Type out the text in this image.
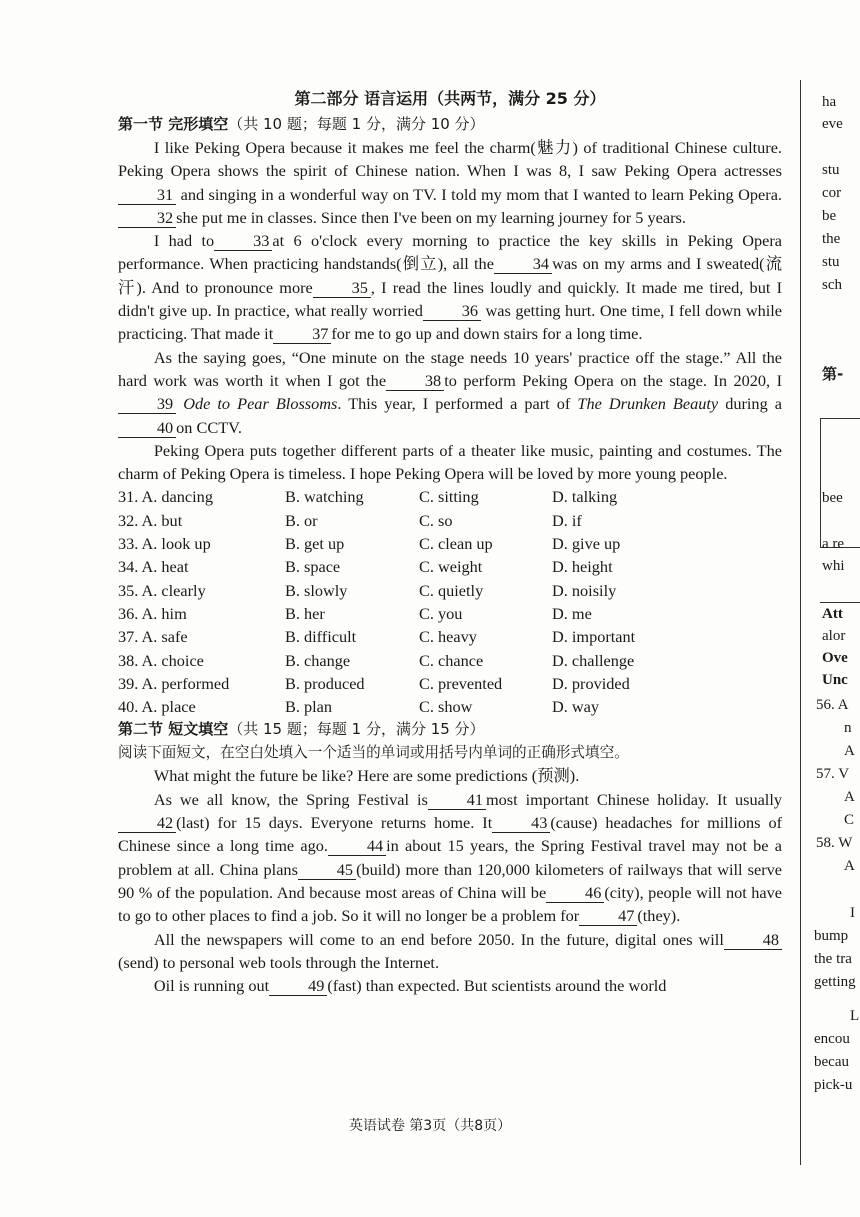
第二部分 语言运用（共两节，满分 25 分）
第一节 完形填空（共 10 题；每题 1 分，满分 10 分）

I like Peking Opera because it makes me feel the charm(魅力) of traditional Chinese culture. Peking Opera shows the spirit of Chinese nation. When I was 8, I saw Peking Opera actresses 31 and singing in a wonderful way on TV. I told my mom that I wanted to learn Peking Opera.32 she put me in classes. Since then I've been on my learning journey for 5 years.

I had to 33 at 6 o'clock every morning to practice the key skills in Peking Opera performance. When practicing handstands(倒立), all the 34 was on my arms and I sweated(流汗). And to pronounce more 35 , I read the lines loudly and quickly. It made me tired, but I didn't give up. In practice, what really worried 36 was getting hurt. One time, I fell down while practicing. That made it 37 for me to go up and down stairs for a long time.

As the saying goes, “One minute on the stage needs 10 years' practice off the stage.” All the hard work was worth it when I got the 38 to perform Peking Opera on the stage. In 2020, I39 Ode to Pear Blossoms. This year, I performed a part of The Drunken Beauty during a40 on CCTV.

Peking Opera puts together different parts of a theater like music, painting and costumes. The charm of Peking Opera is timeless. I hope Peking Opera will be loved by more young people.

31. A. dancing	B. watching	C. sitting	D. talking
32. A. but	B. or	C. so	D. if
33. A. look up	B. get up	C. clean up	D. give up
34. A. heat	B. space	C. weight	D. height
35. A. clearly	B. slowly	C. quietly	D. noisily
36. A. him	B. her	C. you	D. me
37. A. safe	B. difficult	C. heavy	D. important
38. A. choice	B. change	C. chance	D. challenge
39. A. performed	B. produced	C. prevented	D. provided
40. A. place	B. plan	C. show	D. way
第二节 短文填空（共 15 题；每题 1 分，满分 15 分）
阅读下面短文，在空白处填入一个适当的单词或用括号内单词的正确形式填空。

What might the future be like? Here are some predictions (预测).

As we all know, the Spring Festival is 41 most important Chinese holiday. It usually42 (last) for 15 days. Everyone returns home. It 43 (cause) headaches for millions of Chinese since a long time ago. 44 in about 15 years, the Spring Festival travel may not be a problem at all. China plans 45 (build) more than 120,000 kilometers of railways that will serve 90 % of the population. And because most areas of China will be 46 (city), people will not have to go to other places to find a job. So it will no longer be a problem for 47 (they).

All the newspapers will come to an end before 2050. In the future, digital ones will 48(send) to personal web tools through the Internet.

Oil is running out 49 (fast) than expected. But scientists around the world

英语试卷 第3页（共8页）
ha
eve
stu
cor
be
the
stu
sch
第-
bee
a re
whi
Att
alor
Ove
Unc
56. A
n
A
57. V
A
C
58. W
A
I
bump
the tra
getting
L
encou
becau
pick-u
